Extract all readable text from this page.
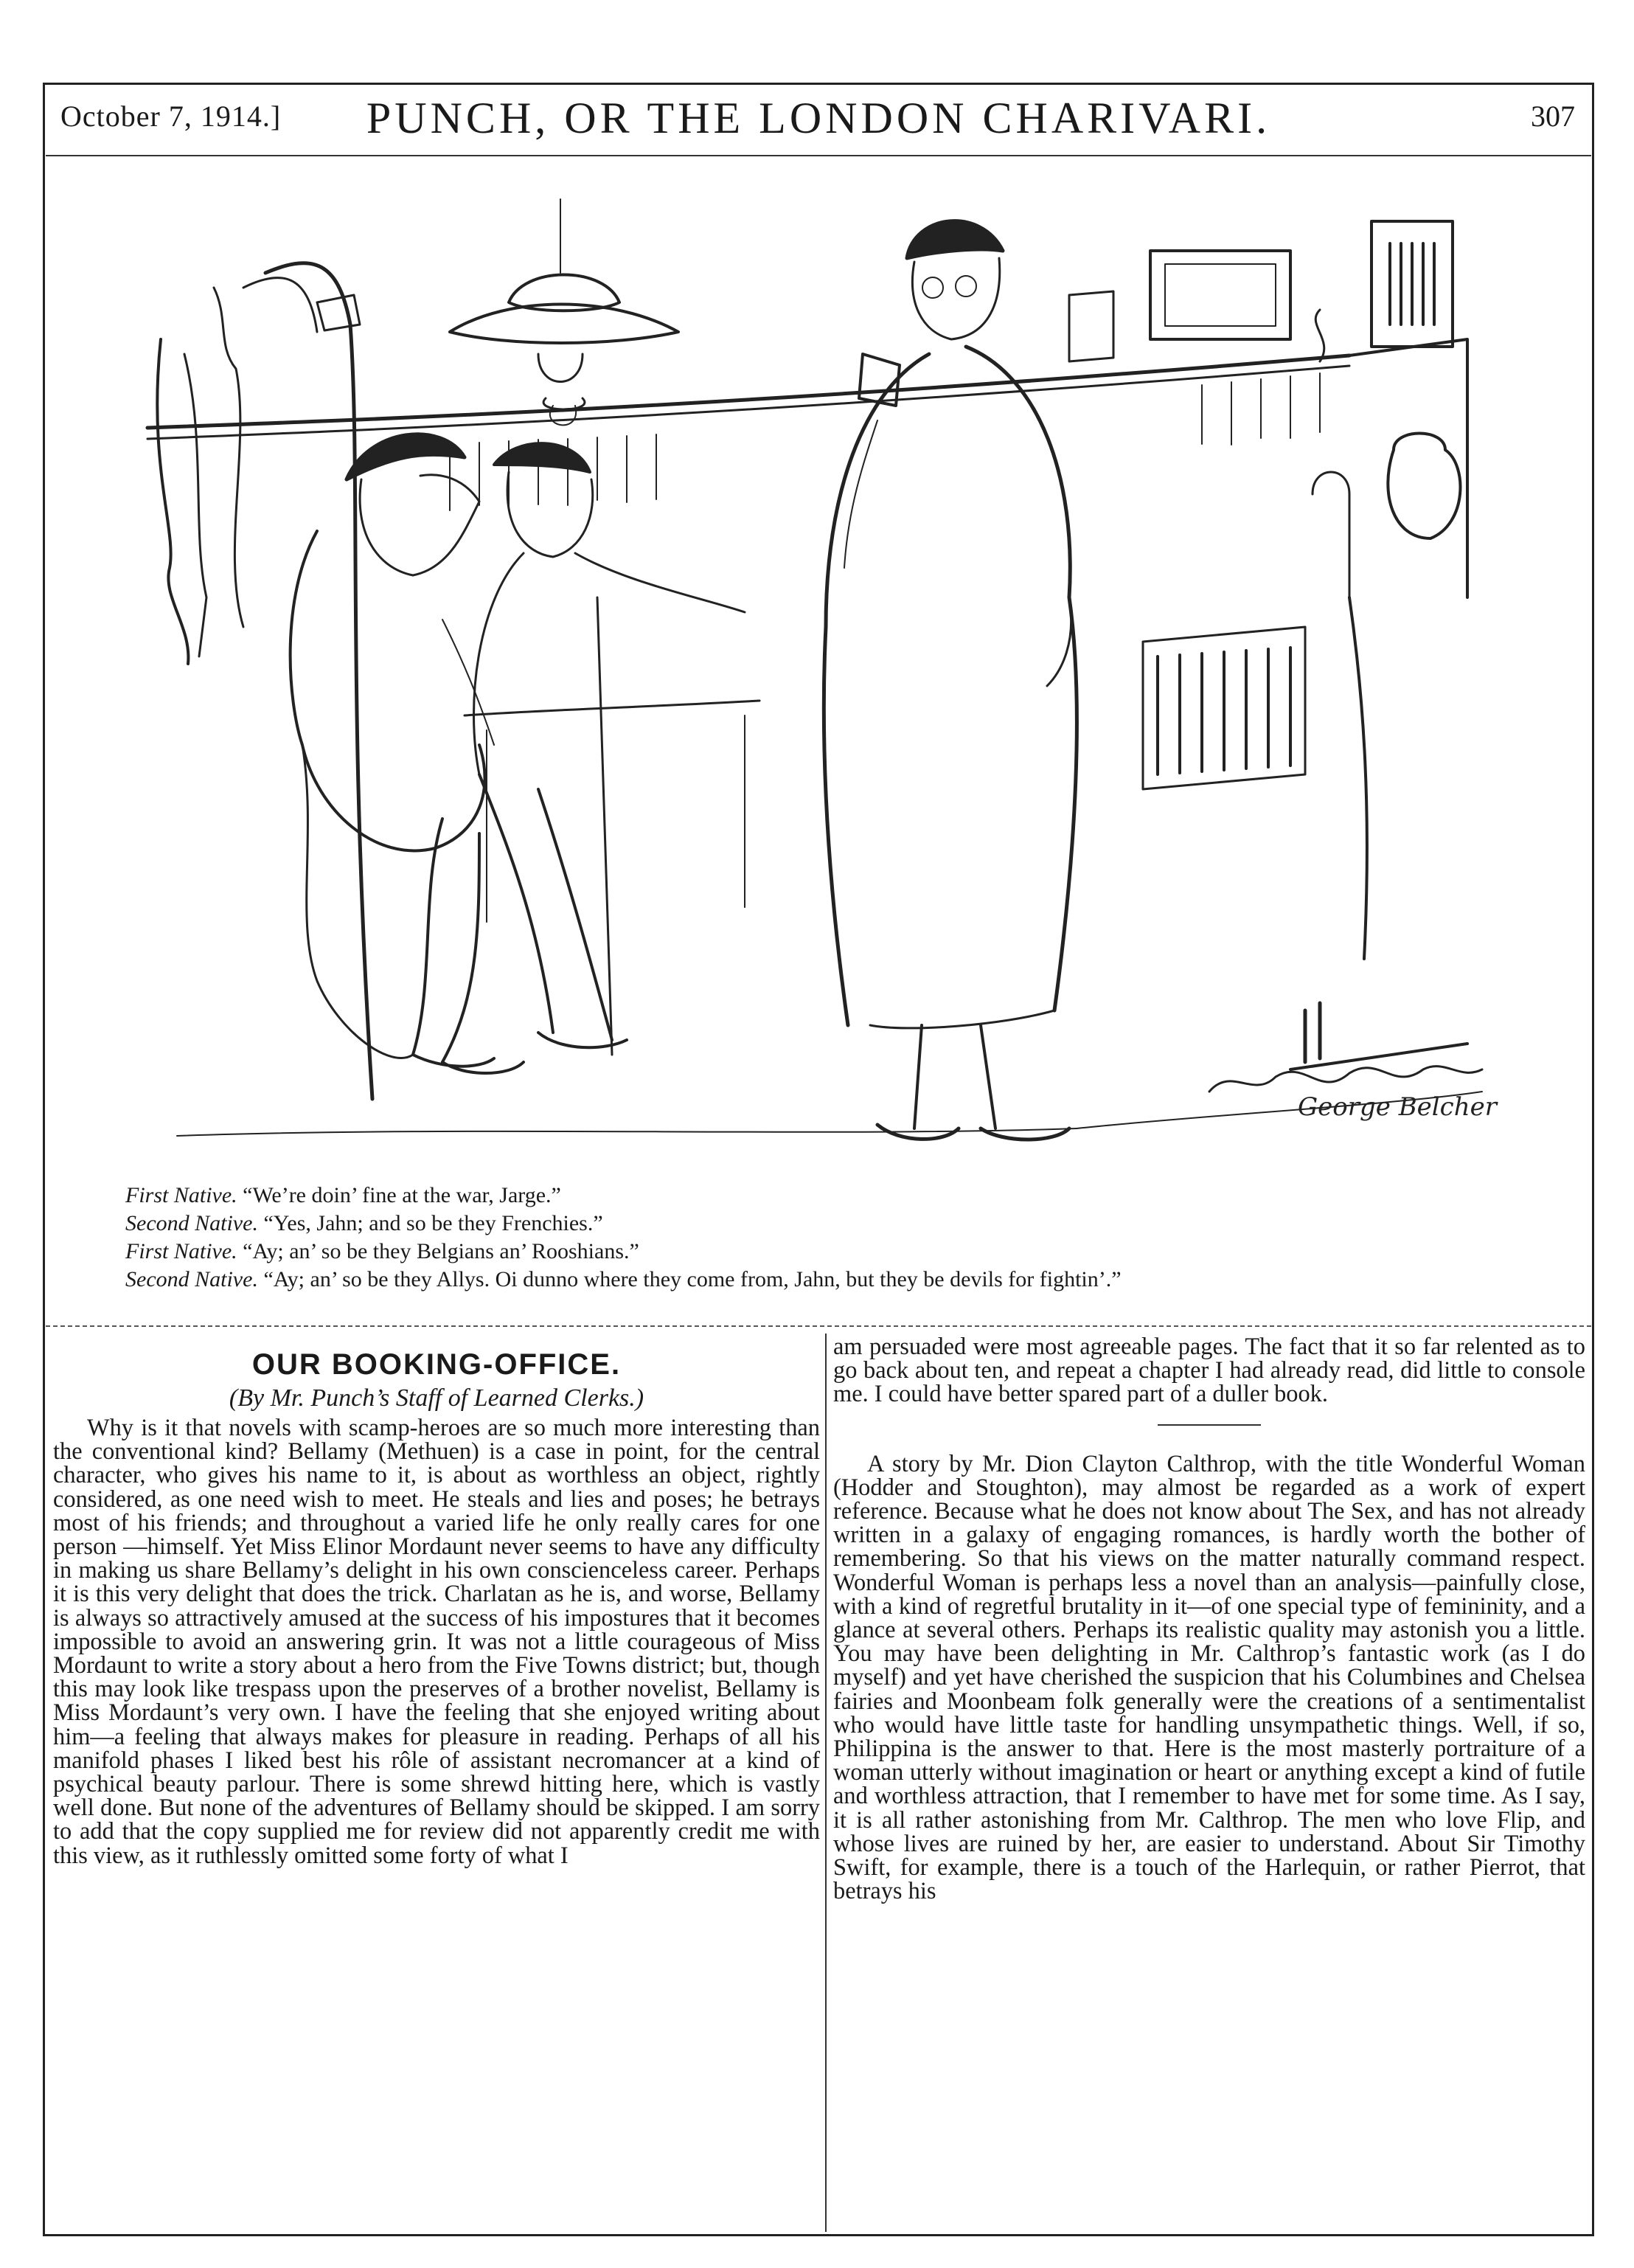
October 7, 1914.]	PUNCH, OR THE LONDON CHARIVARI.	307
George Belcher
First Native. “We’re doin’ fine at the war, Jarge.”
Second Native. “Yes, Jahn; and so be they Frenchies.”
First Native. “Ay; an’ so be they Belgians an’ Rooshians.”
Second Native. “Ay; an’ so be they Allys. Oi dunno where they come from, Jahn, but they be devils for fightin’.”
OUR BOOKING-OFFICE.
(By Mr. Punch’s Staff of Learned Clerks.)

Why is it that novels with scamp-heroes are so much more interesting than the conventional kind? Bellamy (Methuen) is a case in point, for the central character, who gives his name to it, is about as worthless an object, rightly considered, as one need wish to meet. He steals and lies and poses; he betrays most of his friends; and throughout a varied life he only really cares for one person —himself. Yet Miss Elinor Mordaunt never seems to have any difficulty in making us share Bellamy’s delight in his own conscienceless career. Perhaps it is this very delight that does the trick. Charlatan as he is, and worse, Bellamy is always so attractively amused at the success of his impostures that it becomes impossible to avoid an answering grin. It was not a little courageous of Miss Mordaunt to write a story about a hero from the Five Towns district; but, though this may look like trespass upon the preserves of a brother novelist, Bellamy is Miss Mordaunt’s very own. I have the feeling that she enjoyed writing about him—a feeling that always makes for pleasure in reading. Perhaps of all his manifold phases I liked best his rôle of assistant necromancer at a kind of psychical beauty parlour. There is some shrewd hitting here, which is vastly well done. But none of the adventures of Bellamy should be skipped. I am sorry to add that the copy supplied me for review did not apparently credit me with this view, as it ruthlessly omitted some forty of what I

am persuaded were most agreeable pages. The fact that it so far relented as to go back about ten, and repeat a chapter I had already read, did little to console me. I could have better spared part of a duller book.

A story by Mr. Dion Clayton Calthrop, with the title Wonderful Woman (Hodder and Stoughton), may almost be regarded as a work of expert reference. Because what he does not know about The Sex, and has not already written in a galaxy of engaging romances, is hardly worth the bother of remembering. So that his views on the matter naturally command respect. Wonderful Woman is perhaps less a novel than an analysis—painfully close, with a kind of regretful brutality in it—of one special type of femininity, and a glance at several others. Perhaps its realistic quality may astonish you a little. You may have been delighting in Mr. Calthrop’s fantastic work (as I do myself) and yet have cherished the suspicion that his Columbines and Chelsea fairies and Moonbeam folk generally were the creations of a sentimentalist who would have little taste for handling unsympathetic things. Well, if so, Philippina is the answer to that. Here is the most masterly portraiture of a woman utterly without imagination or heart or anything except a kind of futile and worthless attraction, that I remember to have met for some time. As I say, it is all rather astonishing from Mr. Calthrop. The men who love Flip, and whose lives are ruined by her, are easier to understand. About Sir Timothy Swift, for example, there is a touch of the Harlequin, or rather Pierrot, that betrays his
